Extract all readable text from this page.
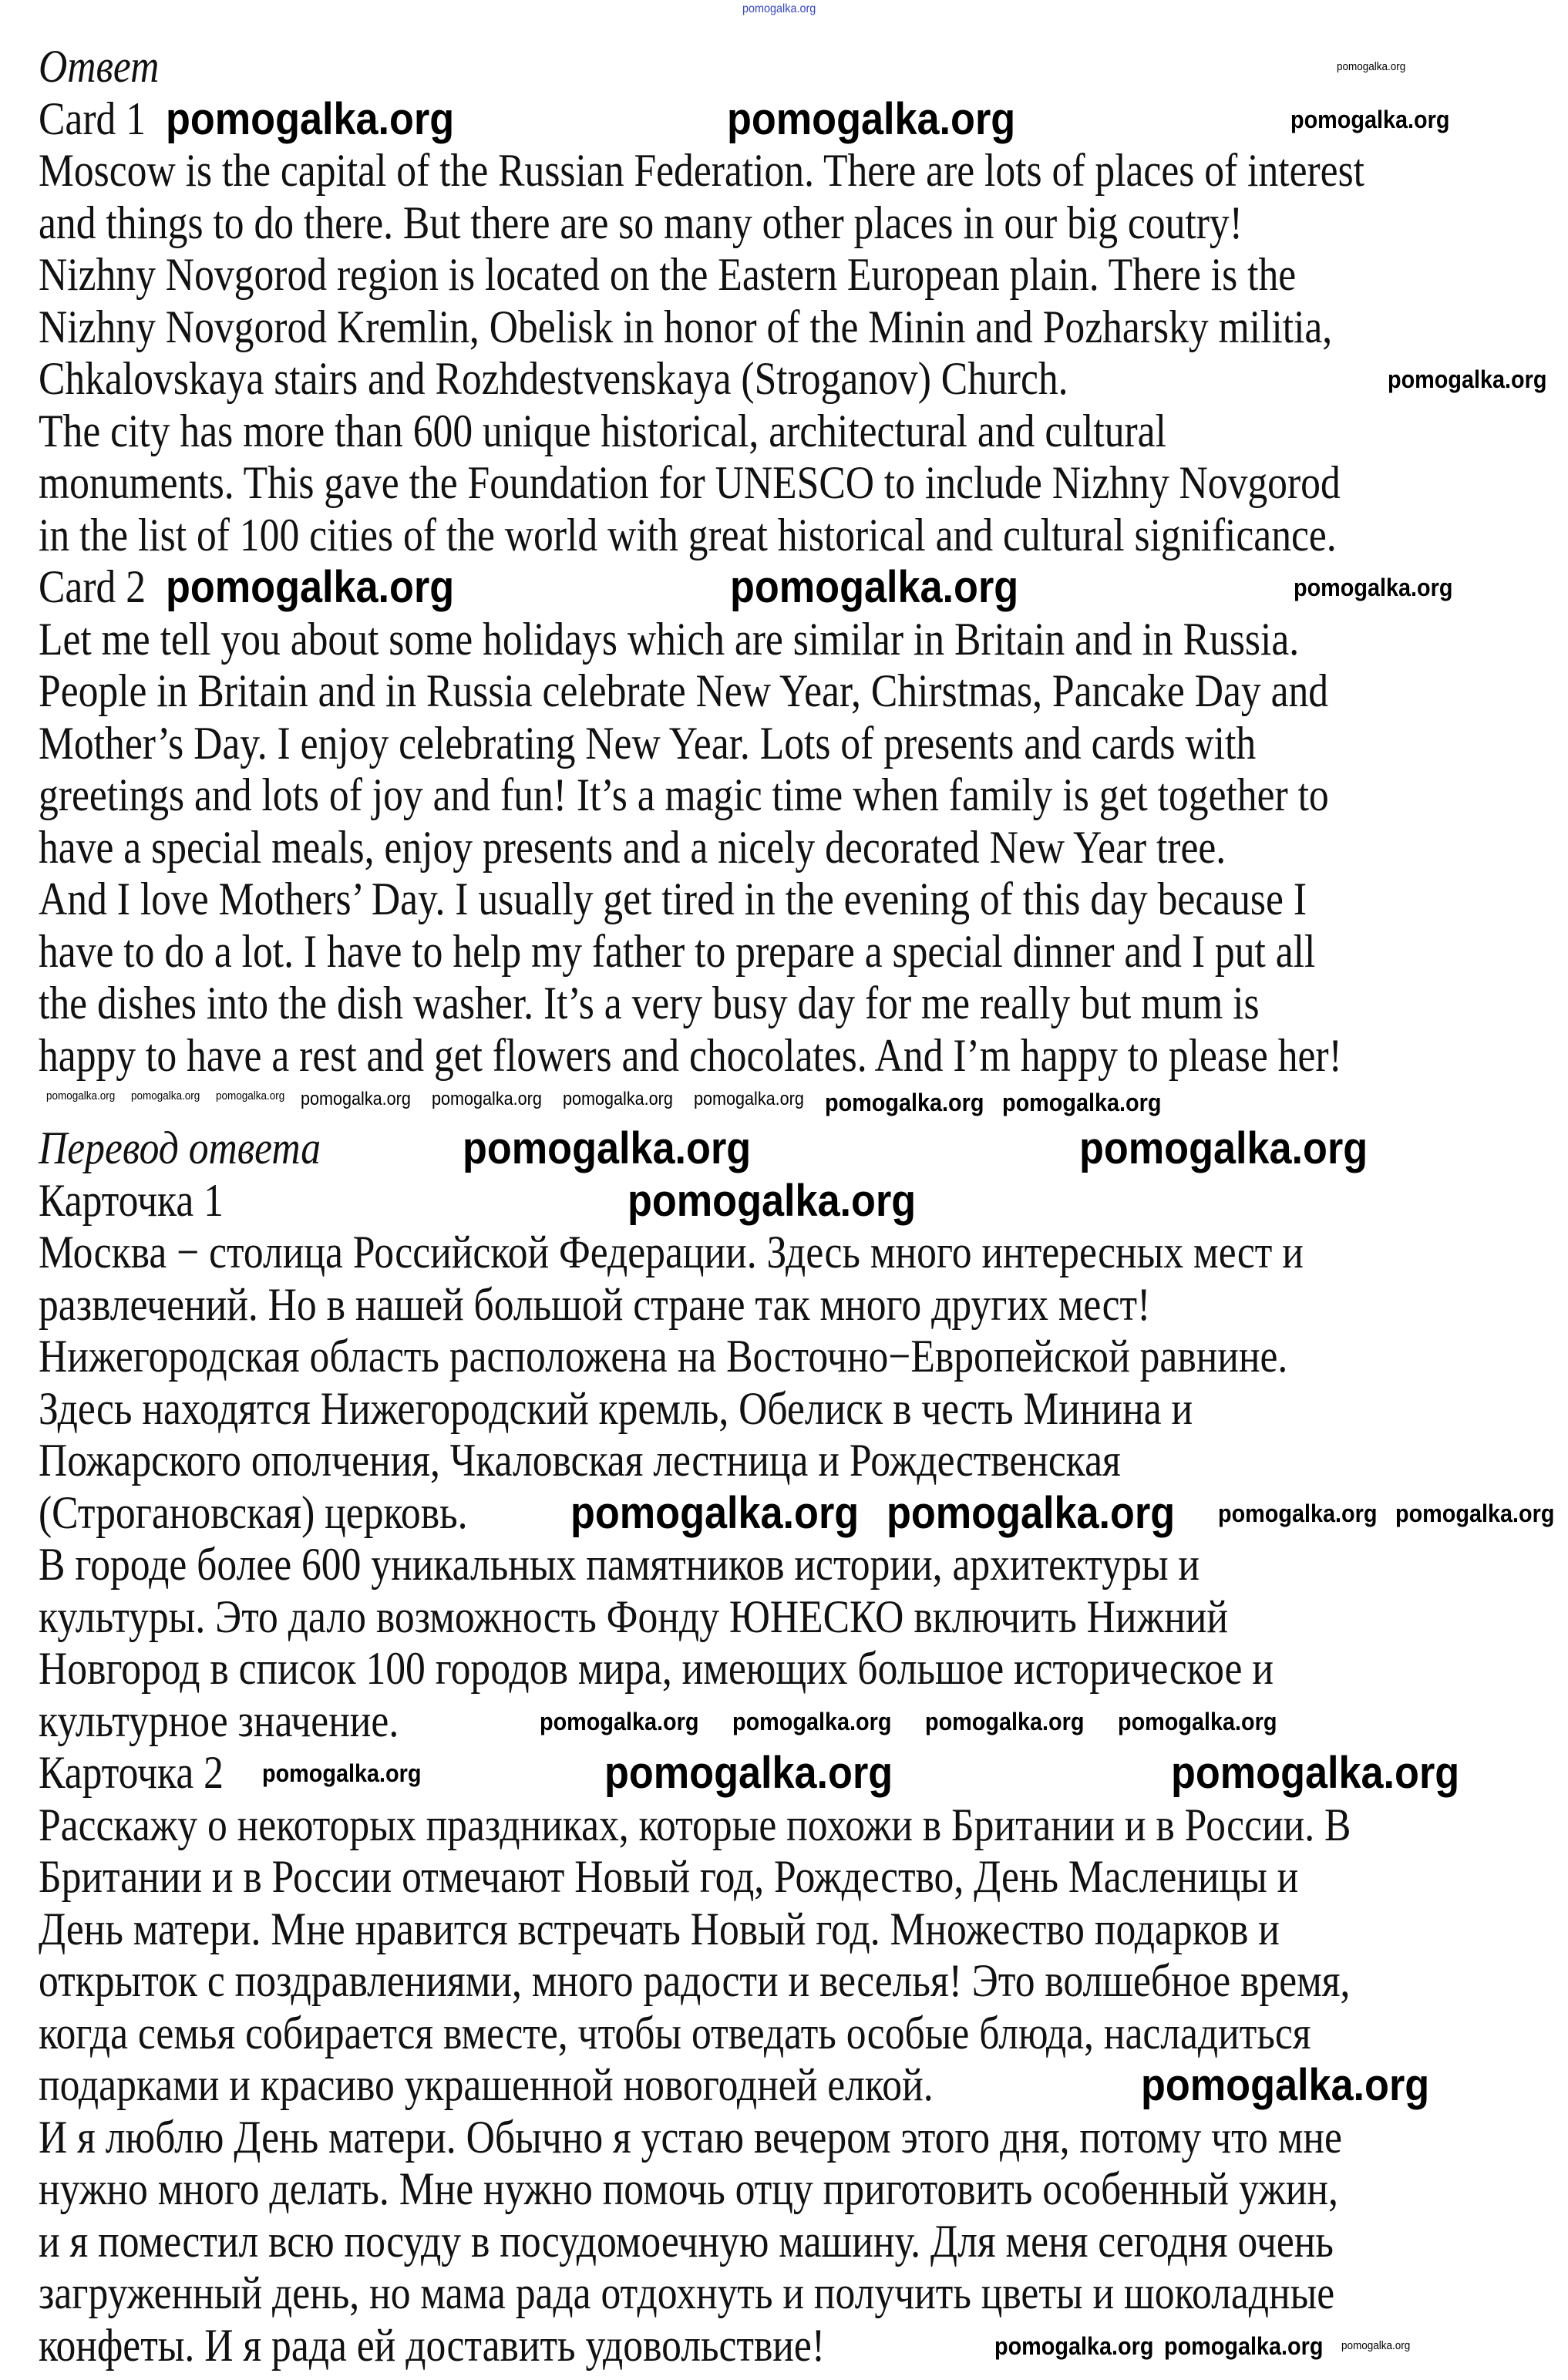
Ответ
Card 1
Moscow is the capital of the Russian Federation. There are lots of places of interest
and things to do there. But there are so many other places in our big coutry!
Nizhny Novgorod region is located on the Eastern European plain. There is the
Nizhny Novgorod Kremlin, Obelisk in honor of the Minin and Pozharsky militia,
Chkalovskaya stairs and Rozhdestvenskaya (Stroganov) Church.
The city has more than 600 unique historical, architectural and cultural
monuments. This gave the Foundation for UNESCO to include Nizhny Novgorod
in the list of 100 cities of the world with great historical and cultural significance.
Card 2
Let me tell you about some holidays which are similar in Britain and in Russia.
People in Britain and in Russia celebrate New Year, Chirstmas, Pancake Day and
Mother’s Day. I enjoy celebrating New Year. Lots of presents and cards with
greetings and lots of joy and fun! It’s a magic time when family is get together to
have a special meals, enjoy presents and a nicely decorated New Year tree.
And I love Mothers’ Day. I usually get tired in the evening of this day because I
have to do a lot. I have to help my father to prepare a special dinner and I put all
the dishes into the dish washer. It’s a very busy day for me really but mum is
happy to have a rest and get flowers and chocolates. And I’m happy to please her!
Перевод ответа
Карточка 1
Москва − столица Российской Федерации. Здесь много интересных мест и
развлечений. Но в нашей большой стране так много других мест!
Нижегородская область расположена на Восточно−Европейской равнине.
Здесь находятся Нижегородский кремль, Обелиск в честь Минина и
Пожарского ополчения, Чкаловская лестница и Рождественская
(Строгановская) церковь.
В городе более 600 уникальных памятников истории, архитектуры и
культуры. Это дало возможность Фонду ЮНЕСКО включить Нижний
Новгород в список 100 городов мира, имеющих большое историческое и
культурное значение.
Карточка 2
Расскажу о некоторых праздниках, которые похожи в Британии и в России. В
Британии и в России отмечают Новый год, Рождество, День Масленицы и
День матери. Мне нравится встречать Новый год. Множество подарков и
открыток с поздравлениями, много радости и веселья! Это волшебное время,
когда семья собирается вместе, чтобы отведать особые блюда, насладиться
подарками и красиво украшенной новогодней елкой.
И я люблю День матери. Обычно я устаю вечером этого дня, потому что мне
нужно много делать. Мне нужно помочь отцу приготовить особенный ужин,
и я поместил всю посуду в посудомоечную машину. Для меня сегодня очень
загруженный день, но мама рада отдохнуть и получить цветы и шоколадные
конфеты. И я рада ей доставить удовольствие!
pomogalka.org
pomogalka.org
pomogalka.org	pomogalka.org	pomogalka.org
pomogalka.org
pomogalka.org	pomogalka.org	pomogalka.org
pomogalka.org pomogalka.org pomogalka.org pomogalka.org pomogalka.org pomogalka.org pomogalka.org pomogalka.org pomogalka.org
pomogalka.org	pomogalka.org
pomogalka.org
pomogalka.org pomogalka.org pomogalka.org pomogalka.org
pomogalka.org pomogalka.org pomogalka.org pomogalka.org
pomogalka.org	pomogalka.org	pomogalka.org
pomogalka.org
pomogalka.org pomogalka.org pomogalka.org
